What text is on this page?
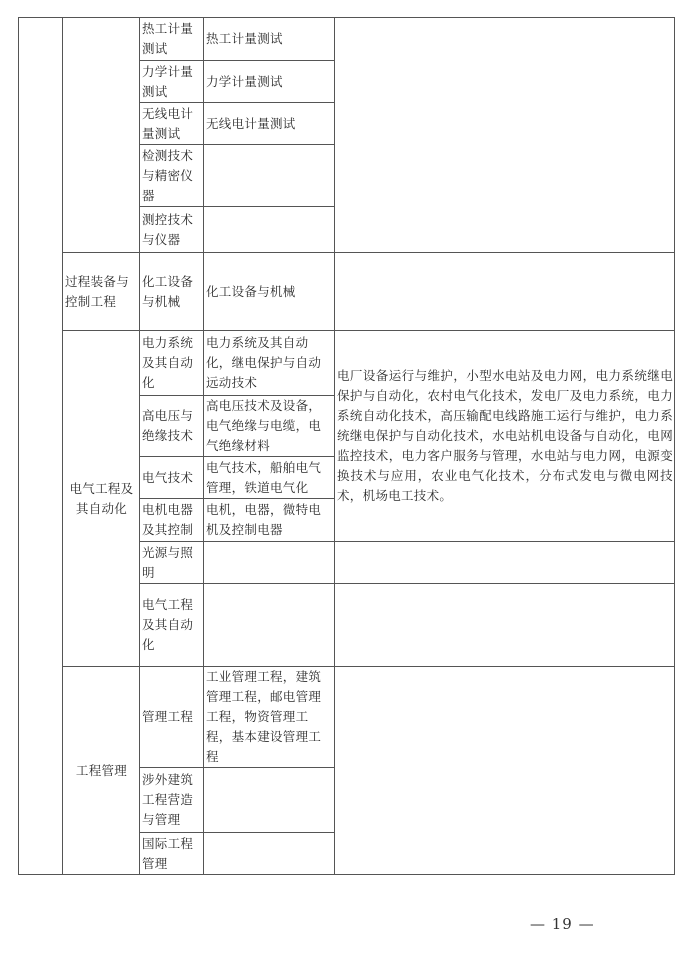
		热工计量测试	热工计量测试	
		力学计量测试	力学计量测试	
		无线电计量测试	无线电计量测试	
		检测技术与精密仪器		
		测控技术与仪器		
	过程装备与控制工程	化工设备与机械	化工设备与机械	
	电气工程及其自动化	电力系统及其自动化	电力系统及其自动化，继电保护与自动远动技术	电厂设备运行与维护，小型水电站及电力网，电力系统继电保护与自动化，农村电气化技术，发电厂及电力系统，电力系统自动化技术，高压输配电线路施工运行与维护，电力系统继电保护与自动化技术，水电站机电设备与自动化，电网监控技术，电力客户服务与管理，水电站与电力网，电源变换技术与应用，农业电气化技术，分布式发电与微电网技术，机场电工技术。
		高电压与绝缘技术	高电压技术及设备，电气绝缘与电缆，电气绝缘材料	
		电气技术	电气技术，船舶电气管理，铁道电气化	
		电机电器及其控制	电机，电器，微特电机及控制电器	
		光源与照明		
		电气工程及其自动化		
	工程管理	管理工程	工业管理工程，建筑管理工程，邮电管理工程，物资管理工程，基本建设管理工程	
		涉外建筑工程营造与管理		
		国际工程管理		
— 19 —
